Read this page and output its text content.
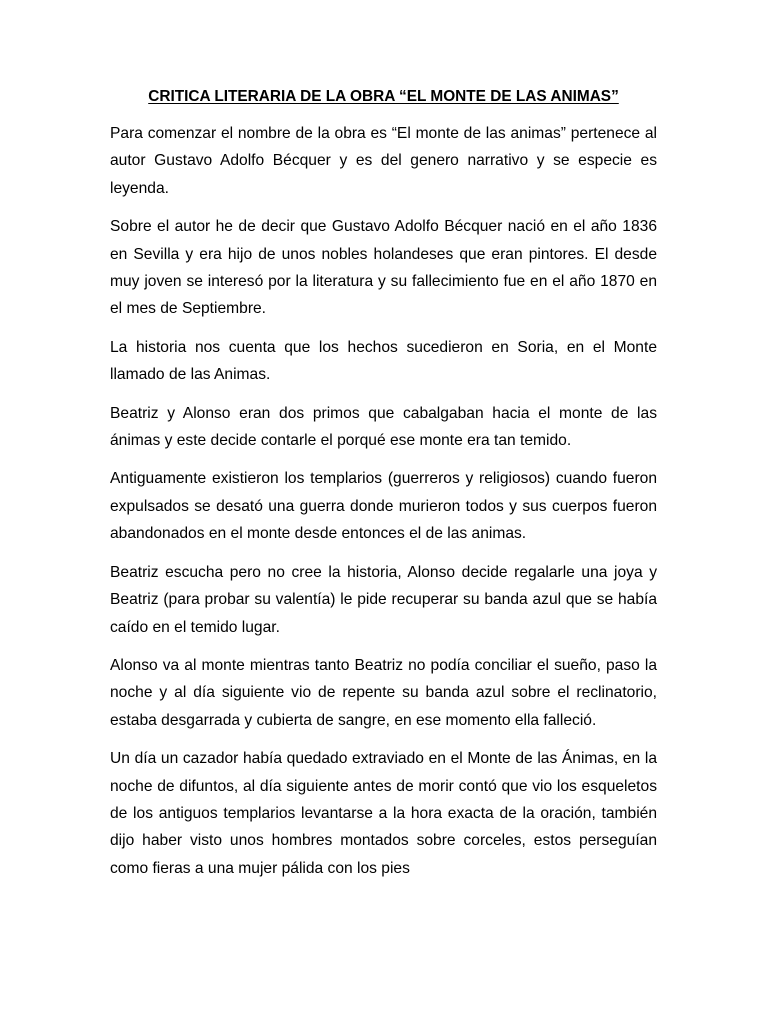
CRITICA LITERARIA DE LA OBRA “EL MONTE DE LAS ANIMAS”

Para comenzar el nombre de la obra es “El monte de las animas” pertenece al autor Gustavo Adolfo Bécquer y es del genero narrativo y se especie es leyenda.

Sobre el autor he de decir que Gustavo Adolfo Bécquer nació en el año 1836 en Sevilla y era hijo de unos nobles holandeses que eran pintores. El desde muy joven se interesó por la literatura y su fallecimiento fue en el año 1870 en el mes de Septiembre.

La historia nos cuenta que los hechos sucedieron en Soria, en el Monte llamado de las Animas.

Beatriz y Alonso eran dos primos que cabalgaban hacia el monte de las ánimas y este decide contarle el porqué ese monte era tan temido.

Antiguamente existieron los templarios (guerreros y religiosos) cuando fueron expulsados se desató una guerra donde murieron todos y sus cuerpos fueron abandonados en el monte desde entonces el de las animas.

Beatriz escucha pero no cree la historia, Alonso decide regalarle una joya y Beatriz (para probar su valentía) le pide recuperar su banda azul que se había caído en el temido lugar.

Alonso va al monte mientras tanto Beatriz no podía conciliar el sueño, paso la noche y al día siguiente vio de repente su banda azul sobre el reclinatorio, estaba desgarrada y cubierta de sangre, en ese momento ella falleció.

Un día un cazador había quedado extraviado en el Monte de las Ánimas, en la noche de difuntos, al día siguiente antes de morir contó que vio los esqueletos de los antiguos templarios levantarse a la hora exacta de la oración, también dijo haber visto unos hombres montados sobre corceles, estos perseguían como fieras a una mujer pálida con los pies
